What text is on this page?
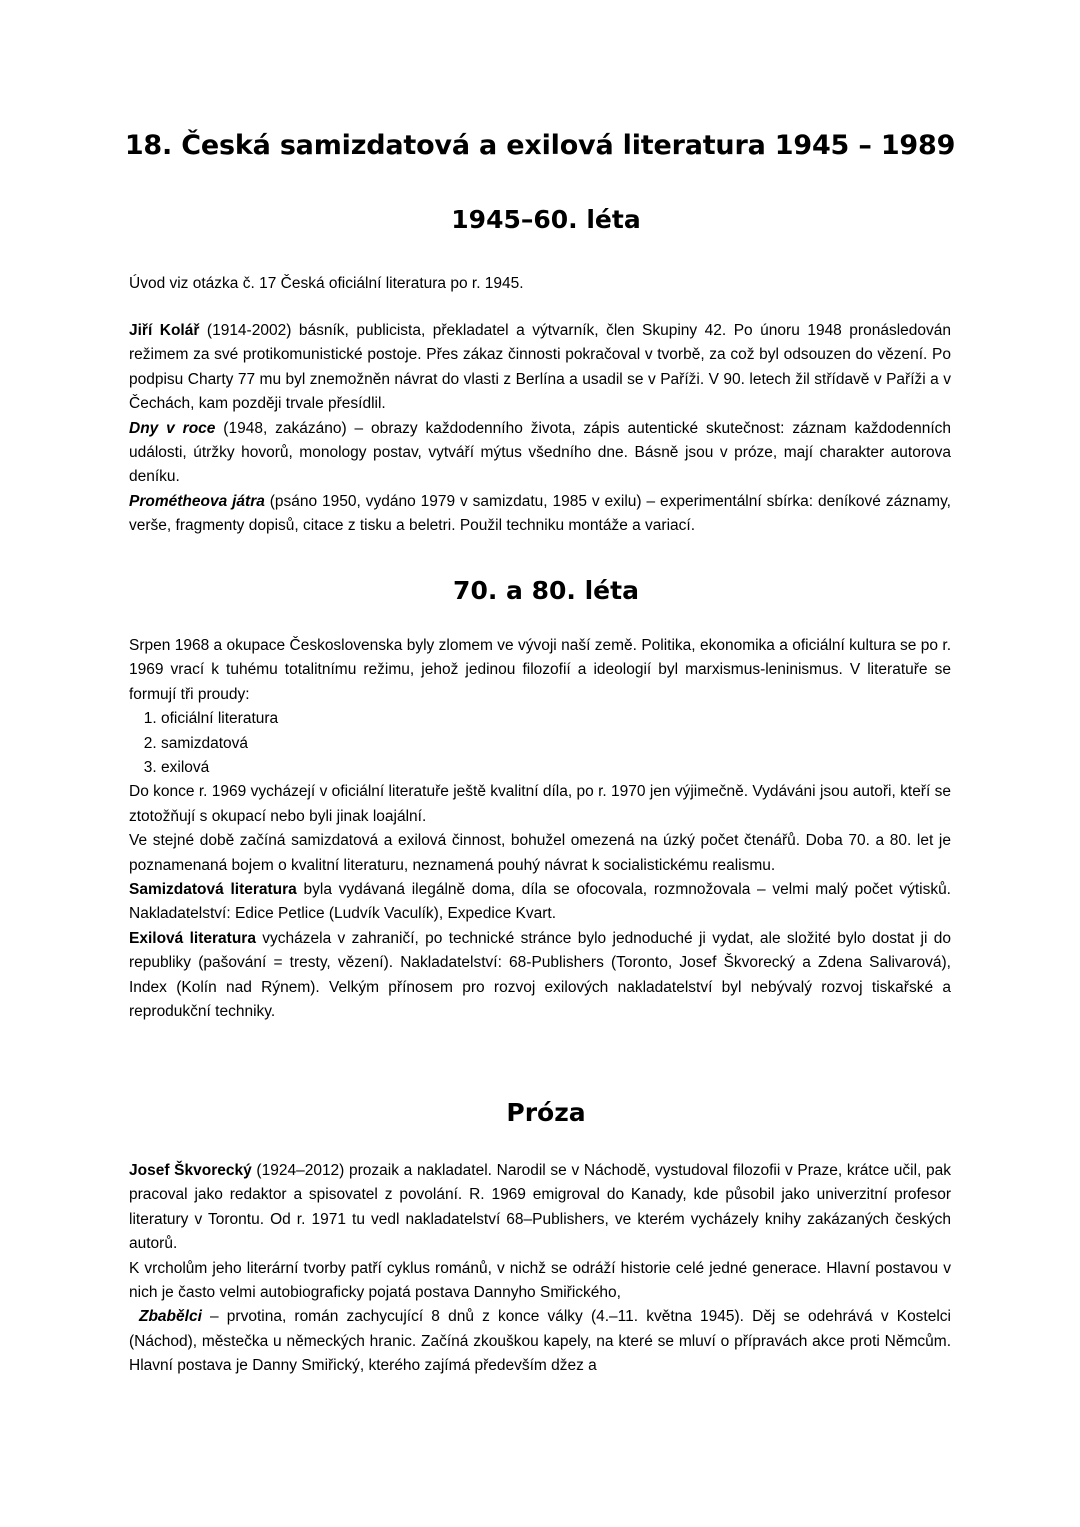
18. Česká samizdatová a exilová literatura 1945 – 1989
1945–60. léta

Úvod viz otázka č. 17 Česká oficiální literatura po r. 1945.

Jiří Kolář (1914-2002) básník, publicista, překladatel a výtvarník, člen Skupiny 42. Po únoru 1948 pronásledován režimem za své protikomunistické postoje. Přes zákaz činnosti pokračoval v tvorbě, za což byl odsouzen do vězení. Po podpisu Charty 77 mu byl znemožněn návrat do vlasti z Berlína a usadil se v Paříži. V 90. letech žil střídavě v Paříži a v Čechách, kam později trvale přesídlil.

Dny v roce (1948, zakázáno) – obrazy každodenního života, zápis autentické skutečnost: záznam každodenních události, útržky hovorů, monology postav, vytváří mýtus všedního dne. Básně jsou v próze, mají charakter autorova deníku.

Prométheova játra (psáno 1950, vydáno 1979 v samizdatu, 1985 v exilu) – experimentální sbírka: deníkové záznamy, verše, fragmenty dopisů, citace z tisku a beletri. Použil techniku montáže a variací.

70. a 80. léta

Srpen 1968 a okupace Československa byly zlomem ve vývoji naší země. Politika, ekonomika a oficiální kultura se po r. 1969 vrací k tuhému totalitnímu režimu, jehož jedinou filozofií a ideologií byl marxismus-leninismus. V literatuře se formují tři proudy:

1. oficiální literatura
2. samizdatová
3. exilová

Do konce r. 1969 vycházejí v oficiální literatuře ještě kvalitní díla, po r. 1970 jen výjimečně. Vydáváni jsou autoři, kteří se ztotožňují s okupací nebo byli jinak loajální.

Ve stejné době začíná samizdatová a exilová činnost, bohužel omezená na úzký počet čtenářů. Doba 70. a 80. let je poznamenaná bojem o kvalitní literaturu, neznamená pouhý návrat k socialistickému realismu.

Samizdatová literatura byla vydávaná ilegálně doma, díla se ofocovala, rozmnožovala – velmi malý počet výtisků. Nakladatelství: Edice Petlice (Ludvík Vaculík), Expedice Kvart.

Exilová literatura vycházela v zahraničí, po technické stránce bylo jednoduché ji vydat, ale složité bylo dostat ji do republiky (pašování = tresty, vězení). Nakladatelství: 68-Publishers (Toronto, Josef Škvorecký a Zdena Salivarová), Index (Kolín nad Rýnem). Velkým přínosem pro rozvoj exilových nakladatelství byl nebývalý rozvoj tiskařské a reprodukční techniky.

Próza

Josef Škvorecký (1924–2012) prozaik a nakladatel. Narodil se v Náchodě, vystudoval filozofii v Praze, krátce učil, pak pracoval jako redaktor a spisovatel z povolání. R. 1969 emigroval do Kanady, kde působil jako univerzitní profesor literatury v Torontu. Od r. 1971 tu vedl nakladatelství 68–Publishers, ve kterém vycházely knihy zakázaných českých autorů.

K vrcholům jeho literární tvorby patří cyklus románů, v nichž se odráží historie celé jedné generace. Hlavní postavou v nich je často velmi autobiograficky pojatá postava Dannyho Smiřického,

Zbabělci – prvotina, román zachycující 8 dnů z konce války (4.–11. května 1945). Děj se odehrává v Kostelci (Náchod), městečka u německých hranic. Začíná zkouškou kapely, na které se mluví o přípravách akce proti Němcům. Hlavní postava je Danny Smiřický, kterého zajímá především džez a
